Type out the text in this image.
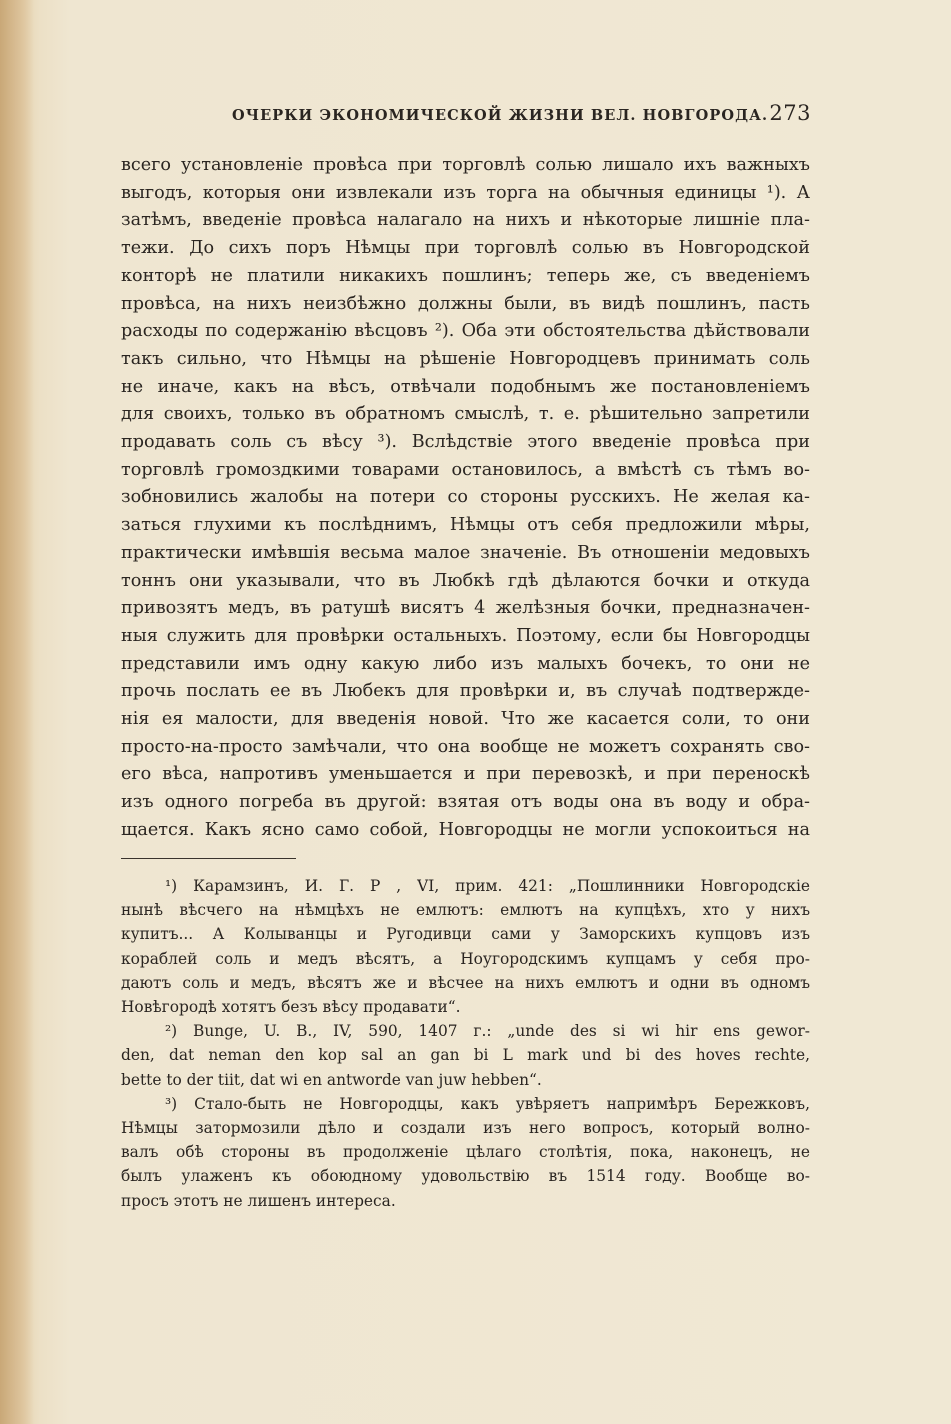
ОЧЕРКИ ЭКОНОМИЧЕСКОЙ ЖИЗНИ ВЕЛ. НОВГОРОДА. 273
всего установленіе провѣса при торговлѣ солью лишало ихъ важныхъ
выгодъ, которыя они извлекали изъ торга на обычныя единицы ¹). А
затѣмъ, введеніе провѣса налагало на нихъ и нѣкоторые лишніе пла-
тежи. До сихъ поръ Нѣмцы при торговлѣ солью въ Новгородской
конторѣ не платили никакихъ пошлинъ; теперь же, съ введеніемъ
провѣса, на нихъ неизбѣжно должны были, въ видѣ пошлинъ, пасть
расходы по содержанію вѣсцовъ ²). Оба эти обстоятельства дѣйствовали
такъ сильно, что Нѣмцы на рѣшеніе Новгородцевъ принимать соль
не иначе, какъ на вѣсъ, отвѣчали подобнымъ же постановленіемъ
для своихъ, только въ обратномъ смыслѣ, т. е. рѣшительно запретили
продавать соль съ вѣсу ³). Вслѣдствіе этого введеніе провѣса при
торговлѣ громоздкими товарами остановилось, а вмѣстѣ съ тѣмъ во-
зобновились жалобы на потери со стороны русскихъ. Не желая ка-
заться глухими къ послѣднимъ, Нѣмцы отъ себя предложили мѣры,
практически имѣвшія весьма малое значеніе. Въ отношеніи медовыхъ
тоннъ они указывали, что въ Любкѣ гдѣ дѣлаются бочки и откуда
привозятъ медъ, въ ратушѣ висятъ 4 желѣзныя бочки, предназначен-
ныя служить для провѣрки остальныхъ. Поэтому, если бы Новгородцы
представили имъ одну какую либо изъ малыхъ бочекъ, то они не
прочь послать ее въ Любекъ для провѣрки и, въ случаѣ подтвержде-
нія ея малости, для введенія новой. Что же касается соли, то они
просто-на-просто замѣчали, что она вообще не можетъ сохранять сво-
его вѣса, напротивъ уменьшается и при перевозкѣ, и при переноскѣ
изъ одного погреба въ другой: взятая отъ воды она въ воду и обра-
щается. Какъ ясно само собой, Новгородцы не могли успокоиться на
¹) Карамзинъ, И. Г. Р , VI, прим. 421: „Пошлинники Новгородскіе
нынѣ вѣсчего на нѣмцѣхъ не емлютъ: емлютъ на купцѣхъ, хто у нихъ
купитъ... А Колыванцы и Ругодивци сами у Заморскихъ купцовъ изъ
кораблей соль и медъ вѣсятъ, а Ноугородскимъ купцамъ у себя про-
даютъ соль и медъ, вѣсятъ же и вѣсчее на нихъ емлютъ и одни въ одномъ
Новѣгородѣ хотятъ безъ вѣсу продавати“.
²) Bunge, U. B., IV, 590, 1407 г.: „unde des si wi hir ens gewor-
den, dat neman den kop sal an gan bi L mark und bi des hoves rechte,
bette to der tiit, dat wi en antworde van juw hebben“.
³) Стало-быть не Новгородцы, какъ увѣряетъ напримѣръ Бережковъ,
Нѣмцы затормозили дѣло и создали изъ него вопросъ, который волно-
валъ обѣ стороны въ продолженіе цѣлаго столѣтія, пока, наконецъ, не
былъ улаженъ къ обоюдному удовольствію въ 1514 году. Вообще во-
просъ этотъ не лишенъ интереса.
